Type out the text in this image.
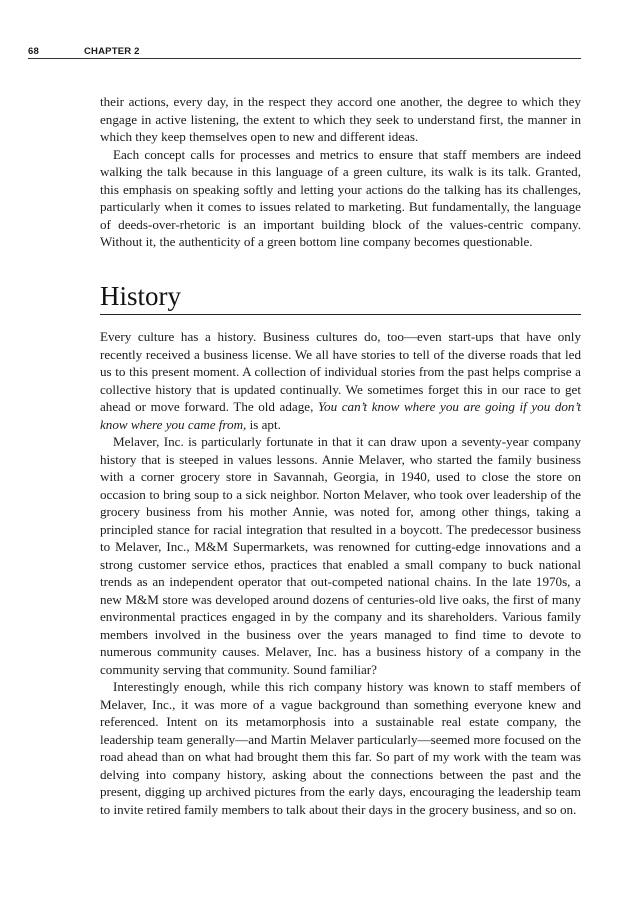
68	CHAPTER 2

their actions, every day, in the respect they accord one another, the degree to which they engage in active listening, the extent to which they seek to understand first, the manner in which they keep themselves open to new and different ideas.

Each concept calls for processes and metrics to ensure that staff members are indeed walking the talk because in this language of a green culture, its walk is its talk. Granted, this emphasis on speaking softly and letting your actions do the talking has its challenges, particularly when it comes to issues related to marketing. But fundamentally, the language of deeds-over-rhetoric is an important building block of the values-centric company. Without it, the authenticity of a green bottom line company becomes questionable.

History

Every culture has a history. Business cultures do, too—even start-ups that have only recently received a business license. We all have stories to tell of the diverse roads that led us to this present moment. A collection of individual stories from the past helps comprise a collective history that is updated continually. We sometimes forget this in our race to get ahead or move forward. The old adage, You can’t know where you are going if you don’t know where you came from, is apt.

Melaver, Inc. is particularly fortunate in that it can draw upon a seventy-year company history that is steeped in values lessons. Annie Melaver, who started the family business with a corner grocery store in Savannah, Georgia, in 1940, used to close the store on occasion to bring soup to a sick neighbor. Norton Melaver, who took over leadership of the grocery business from his mother Annie, was noted for, among other things, taking a principled stance for racial integration that resulted in a boycott. The predecessor business to Melaver, Inc., M&M Supermarkets, was renowned for cutting-edge innovations and a strong customer service ethos, practices that enabled a small company to buck national trends as an independent operator that out-competed national chains. In the late 1970s, a new M&M store was developed around dozens of centuries-old live oaks, the first of many environmental practices engaged in by the company and its shareholders. Various family members involved in the business over the years managed to find time to devote to numerous community causes. Melaver, Inc. has a business history of a company in the community serving that community. Sound familiar?

Interestingly enough, while this rich company history was known to staff members of Melaver, Inc., it was more of a vague background than something everyone knew and referenced. Intent on its metamorphosis into a sustainable real estate company, the leadership team generally—and Martin Melaver particularly—seemed more focused on the road ahead than on what had brought them this far. So part of my work with the team was delving into company history, asking about the connections between the past and the present, digging up archived pictures from the early days, encouraging the leadership team to invite retired family members to talk about their days in the grocery business, and so on.
